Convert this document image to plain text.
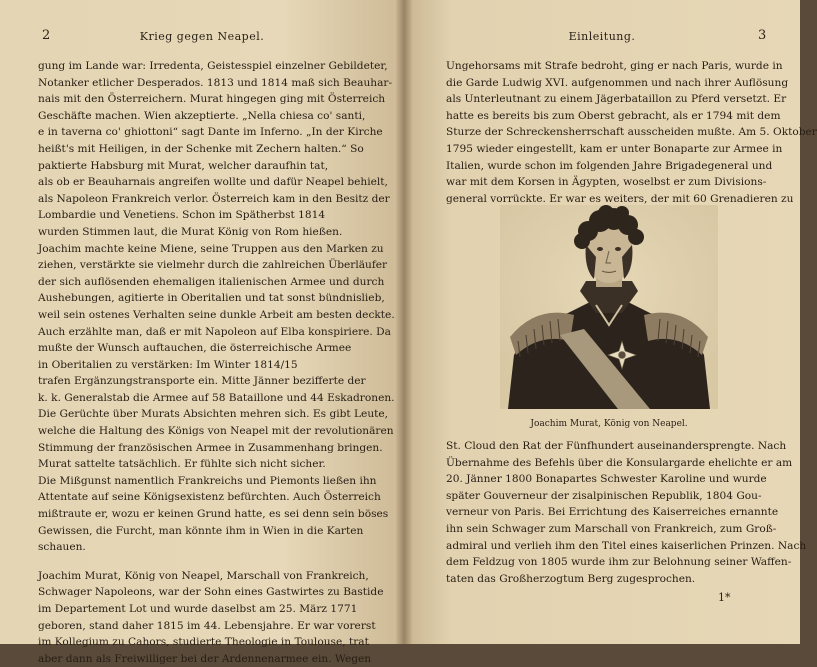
2	Krieg gegen Neapel.
gung im Lande war: Irredenta, Geistesspiel einzelner Gebildeter,
Notanker etlicher Desperados. 1813 und 1814 maß sich Beauhar-
nais mit den Österreichern. Murat hingegen ging mit Österreich
Geschäfte machen. Wien akzeptierte. „Nella chiesa co' santi,
e in taverna co' ghiottoni“ sagt Dante im Inferno. „In der Kirche
heißt's mit Heiligen, in der Schenke mit Zechern halten.“ So
paktierte Habsburg mit Murat, welcher daraufhin tat,
als ob er Beauharnais angreifen wollte und dafür Neapel behielt,
als Napoleon Frankreich verlor. Österreich kam in den Besitz der
Lombardie und Venetiens. Schon im Spätherbst 1814
wurden Stimmen laut, die Murat König von Rom hießen.
Joachim machte keine Miene, seine Truppen aus den Marken zu
ziehen, verstärkte sie vielmehr durch die zahlreichen Überläufer
der sich auflösenden ehemaligen italienischen Armee und durch
Aushebungen, agitierte in Oberitalien und tat sonst bündnislieb,
weil sein ostenes Verhalten seine dunkle Arbeit am besten deckte.
Auch erzählte man, daß er mit Napoleon auf Elba konspiriere. Da
mußte der Wunsch auftauchen, die österreichische Armee
in Oberitalien zu verstärken: Im Winter 1814/15
trafen Ergänzungstransporte ein. Mitte Jänner bezifferte der
k. k. Generalstab die Armee auf 58 Bataillone und 44 Eskadronen.
Die Gerüchte über Murats Absichten mehren sich. Es gibt Leute,
welche die Haltung des Königs von Neapel mit der revolutionären
Stimmung der französischen Armee in Zusammenhang bringen.
Murat sattelte tatsächlich. Er fühlte sich nicht sicher.
Die Mißgunst namentlich Frankreichs und Piemonts ließen ihn
Attentate auf seine Königsexistenz befürchten. Auch Österreich
mißtraute er, wozu er keinen Grund hatte, es sei denn sein böses
Gewissen, die Furcht, man könnte ihm in Wien in die Karten
schauen.
Joachim Murat, König von Neapel, Marschall von Frankreich,
Schwager Napoleons, war der Sohn eines Gastwirtes zu Bastide
im Departement Lot und wurde daselbst am 25. März 1771
geboren, stand daher 1815 im 44. Lebensjahre. Er war vorerst
im Kollegium zu Cahors, studierte Theologie in Toulouse, trat
aber dann als Freiwilliger bei der Ardennenarmee ein. Wegen
Einleitung.	3
Ungehorsams mit Strafe bedroht, ging er nach Paris, wurde in
die Garde Ludwig XVI. aufgenommen und nach ihrer Auflösung
als Unterleutnant zu einem Jägerbataillon zu Pferd versetzt. Er
hatte es bereits bis zum Oberst gebracht, als er 1794 mit dem
Sturze der Schreckensherrschaft ausscheiden mußte. Am 5. Oktober
1795 wieder eingestellt, kam er unter Bonaparte zur Armee in
Italien, wurde schon im folgenden Jahre Brigadegeneral und
war mit dem Korsen in Ägypten, woselbst er zum Divisions-
general vorrückte. Er war es weiters, der mit 60 Grenadieren zu
Joachim Murat, König von Neapel.
St. Cloud den Rat der Fünfhundert auseinandersprengte. Nach
Übernahme des Befehls über die Konsulargarde ehelichte er am
20. Jänner 1800 Bonapartes Schwester Karoline und wurde
später Gouverneur der zisalpinischen Republik, 1804 Gou-
verneur von Paris. Bei Errichtung des Kaiserreiches ernannte
ihn sein Schwager zum Marschall von Frankreich, zum Groß-
admiral und verlieh ihm den Titel eines kaiserlichen Prinzen. Nach
dem Feldzug von 1805 wurde ihm zur Belohnung seiner Waffen-
taten das Großherzogtum Berg zugesprochen.
1*
